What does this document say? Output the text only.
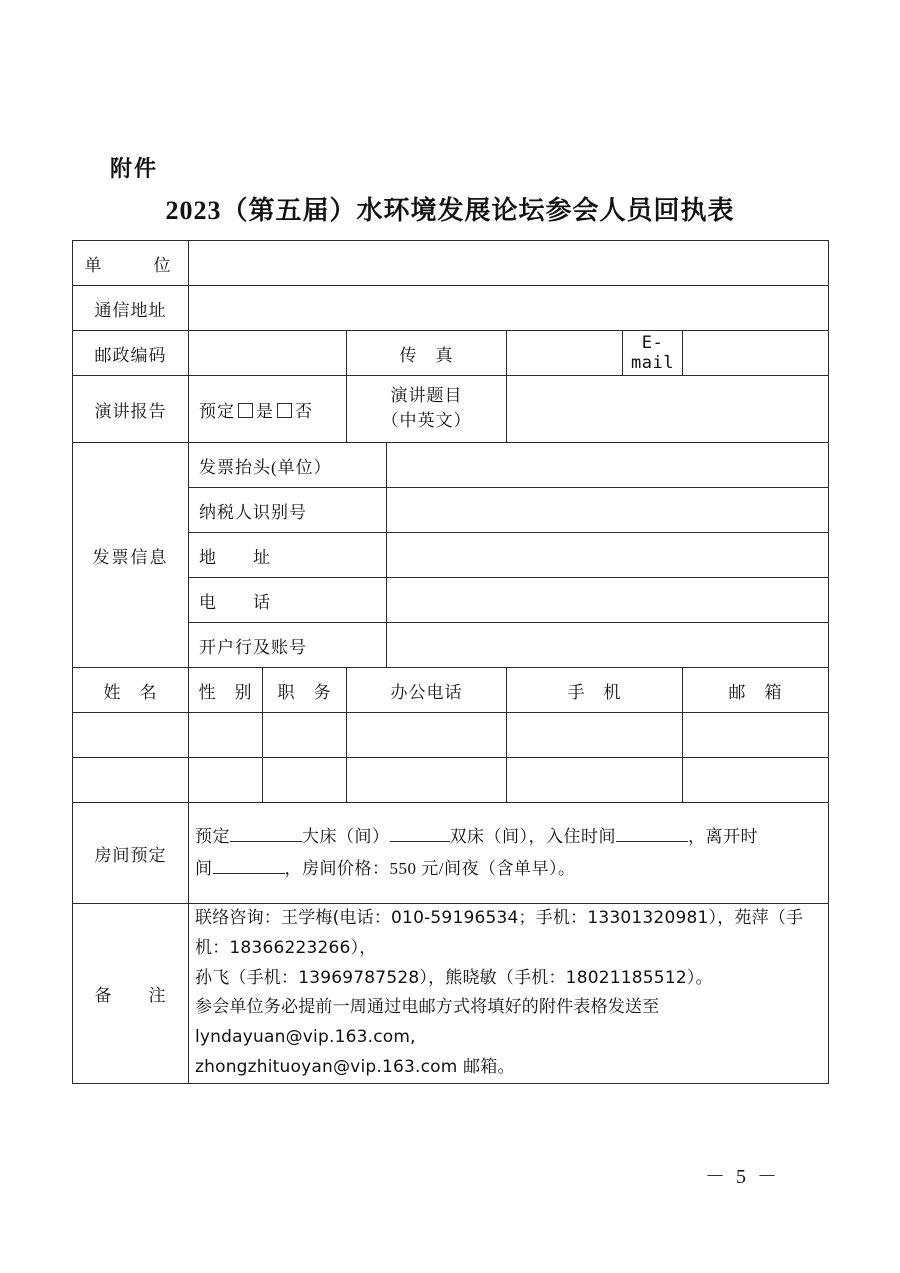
附件
2023（第五届）水环境发展论坛参会人员回执表
单　　位							
通信地址							
邮政编码			传　真			E-mail	
演讲报告	预定 是 否		演讲题目
（中英文）				

发票信息	发票抬头(单位）						
	纳税人识别号						
	地　　址						
	电　　话						
	开户行及账号						
姓　名	性　别	职　务	办公电话		手　机		邮　箱

房间预定	预定 大床（间） 双床（间），入住时间 ，离开时
间 ，房间价格：550 元/间夜（含单早）。						
备　　注	联络咨询：王学梅(电话：010-59196534；手机：13301320981），苑萍（手机：18366223266），
孙飞（手机：13969787528），熊晓敏（手机：18021185512）。
参会单位务必提前一周通过电邮方式将填好的附件表格发送至 lyndayuan@vip.163.com,
zhongzhituoyan@vip.163.com 邮箱。						
－ 5 －
